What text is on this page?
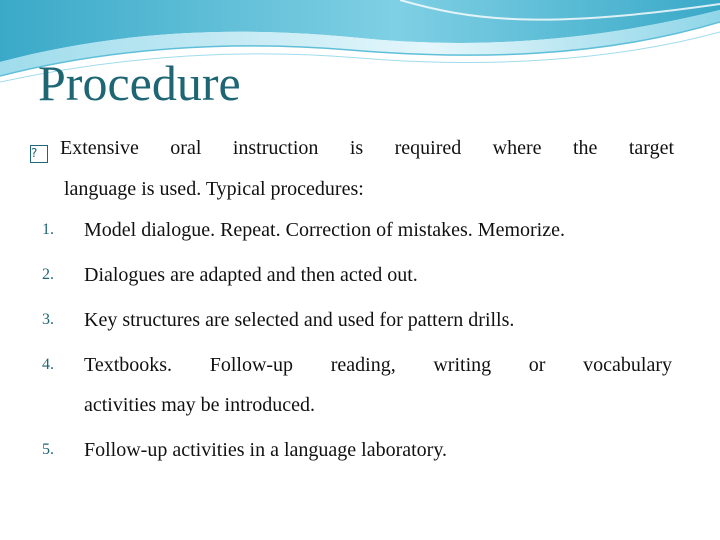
Procedure
? Extensive oral instruction is required where the target
language is used. Typical procedures:
1.	Model dialogue. Repeat. Correction of mistakes. Memorize.
2.	Dialogues are adapted and then acted out.
3.	Key structures are selected and used for pattern drills.
4.	Textbooks. Follow-up reading, writing or vocabulary
activities may be introduced.
5.	Follow-up activities in a language laboratory.
